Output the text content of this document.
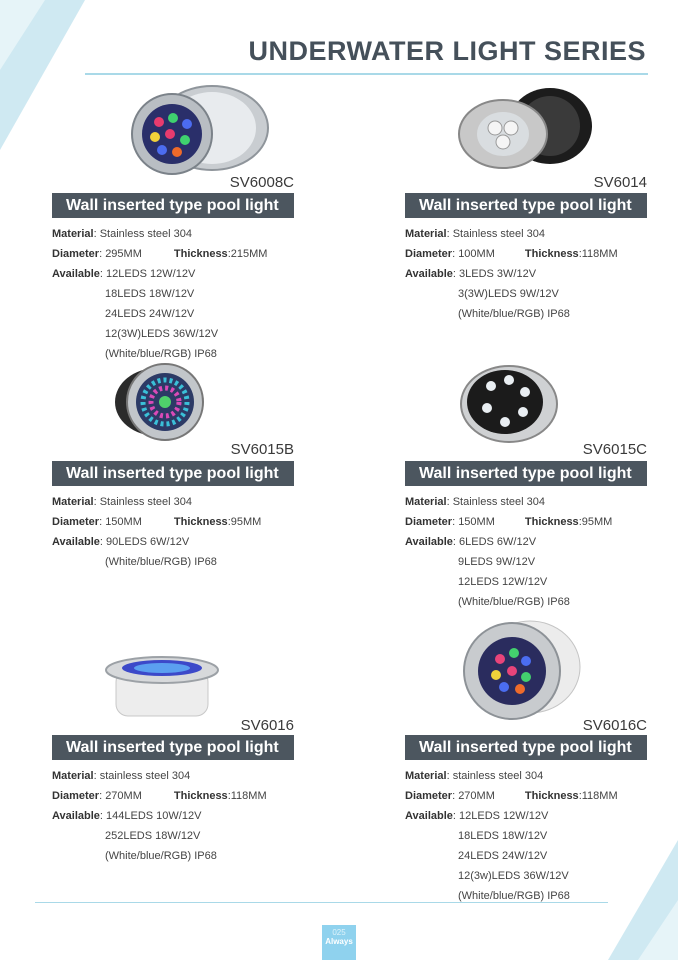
UNDERWATER LIGHT SERIES
SV6008C
Wall inserted type pool light
Material: Stainless steel 304
Diameter: 295MM	Thickness:215MM
Available: 12LEDS 12W/12V
18LEDS 18W/12V
24LEDS 24W/12V
12(3W)LEDS 36W/12V
(White/blue/RGB) IP68
SV6014
Wall inserted type pool light
Material: Stainless steel 304
Diameter: 100MM	Thickness:118MM
Available: 3LEDS 3W/12V
3(3W)LEDS 9W/12V
(White/blue/RGB) IP68
SV6015B
Wall inserted type pool light
Material: Stainless steel 304
Diameter: 150MM	Thickness:95MM
Available: 90LEDS 6W/12V
(White/blue/RGB) IP68
SV6015C
Wall inserted type pool light
Material: Stainless steel 304
Diameter: 150MM	Thickness:95MM
Available: 6LEDS 6W/12V
9LEDS 9W/12V
12LEDS 12W/12V
(White/blue/RGB) IP68
SV6016
Wall inserted type pool light
Material: stainless steel 304
Diameter: 270MM	Thickness:118MM
Available: 144LEDS 10W/12V
252LEDS 18W/12V
(White/blue/RGB) IP68
SV6016C
Wall inserted type pool light
Material: stainless steel 304
Diameter: 270MM	Thickness:118MM
Available: 12LEDS 12W/12V
18LEDS 18W/12V
24LEDS 24W/12V
12(3w)LEDS 36W/12V
(White/blue/RGB) IP68
025
Always
